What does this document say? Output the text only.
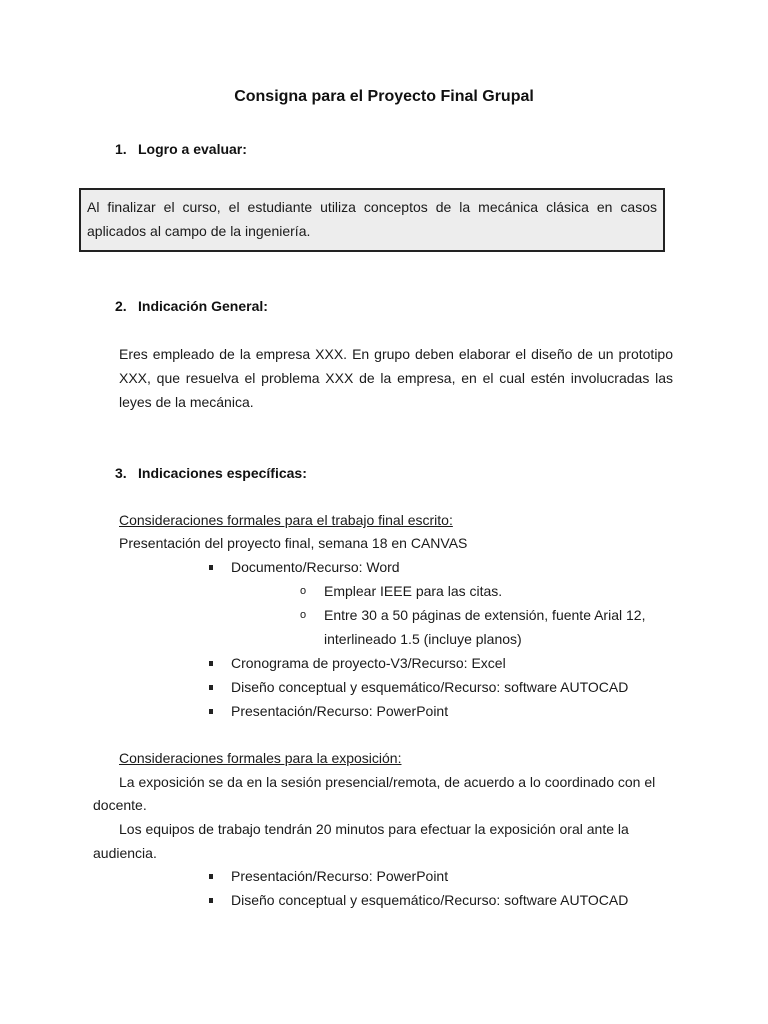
Consigna para el Proyecto Final Grupal
1. Logro a evaluar:

Al finalizar el curso, el estudiante utiliza conceptos de la mecánica clásica en casos aplicados al campo de la ingeniería.

2. Indicación General:

Eres empleado de la empresa XXX. En grupo deben elaborar el diseño de un prototipo XXX, que resuelva el problema XXX de la empresa, en el cual estén involucradas las leyes de la mecánica.

3. Indicaciones específicas:
Consideraciones formales para el trabajo final escrito:
Presentación del proyecto final, semana 18 en CANVAS
Documento/Recurso: Word
o Emplear IEEE para las citas.
o Entre 30 a 50 páginas de extensión, fuente Arial 12,
interlineado 1.5 (incluye planos)
Cronograma de proyecto-V3/Recurso: Excel
Diseño conceptual y esquemático/Recurso: software AUTOCAD
Presentación/Recurso: PowerPoint
Consideraciones formales para la exposición:
La exposición se da en la sesión presencial/remota, de acuerdo a lo coordinado con el
docente.
Los equipos de trabajo tendrán 20 minutos para efectuar la exposición oral ante la
audiencia.
Presentación/Recurso: PowerPoint
Diseño conceptual y esquemático/Recurso: software AUTOCAD
